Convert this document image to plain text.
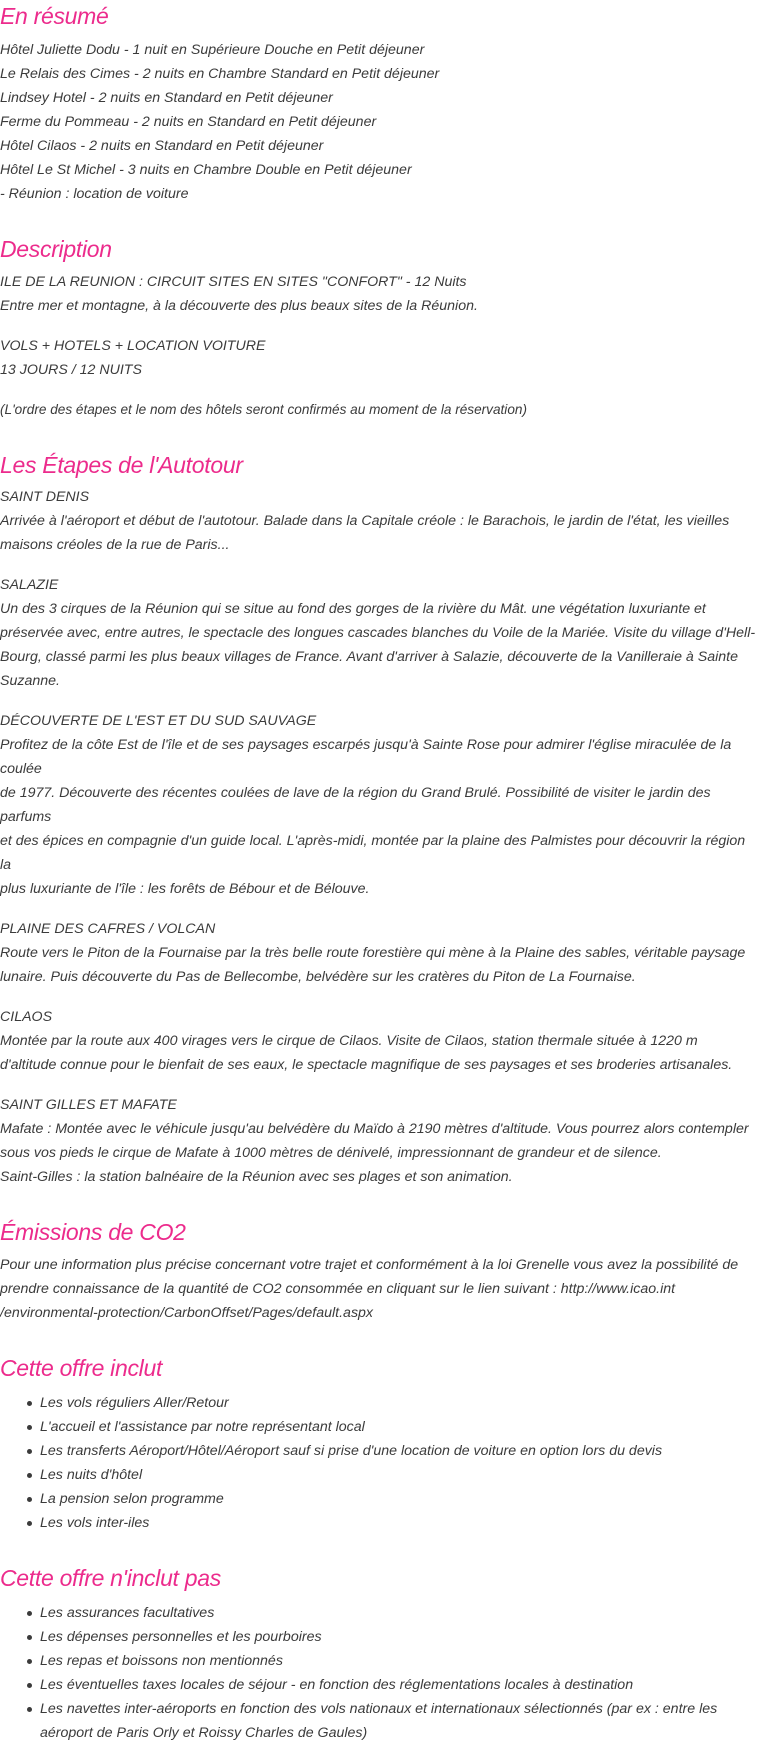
En résumé

Hôtel Juliette Dodu - 1 nuit en Supérieure Douche en Petit déjeuner

Le Relais des Cimes - 2 nuits en Chambre Standard en Petit déjeuner

Lindsey Hotel - 2 nuits en Standard en Petit déjeuner

Ferme du Pommeau - 2 nuits en Standard en Petit déjeuner

Hôtel Cilaos - 2 nuits en Standard en Petit déjeuner

Hôtel Le St Michel - 3 nuits en Chambre Double en Petit déjeuner

- Réunion : location de voiture

Description

ILE DE LA REUNION : CIRCUIT SITES EN SITES "CONFORT" - 12 Nuits

Entre mer et montagne, à la découverte des plus beaux sites de la Réunion.

VOLS + HOTELS + LOCATION VOITURE

13 JOURS / 12 NUITS

(L'ordre des étapes et le nom des hôtels seront confirmés au moment de la réservation)

Les Étapes de l'Autotour

SAINT DENIS

Arrivée à l'aéroport et début de l'autotour. Balade dans la Capitale créole : le Barachois, le jardin de l'état, les vieilles

maisons créoles de la rue de Paris...

SALAZIE

Un des 3 cirques de la Réunion qui se situe au fond des gorges de la rivière du Mât. une végétation luxuriante et

préservée avec, entre autres, le spectacle des longues cascades blanches du Voile de la Mariée. Visite du village d'Hell-

Bourg, classé parmi les plus beaux villages de France. Avant d'arriver à Salazie, découverte de la Vanilleraie à Sainte

Suzanne.

DÉCOUVERTE DE L'EST ET DU SUD SAUVAGE

Profitez de la côte Est de l'île et de ses paysages escarpés jusqu'à Sainte Rose pour admirer l'église miraculée de la coulée

de 1977. Découverte des récentes coulées de lave de la région du Grand Brulé. Possibilité de visiter le jardin des parfums

et des épices en compagnie d'un guide local. L'après-midi, montée par la plaine des Palmistes pour découvrir la région la

plus luxuriante de l'île : les forêts de Bébour et de Bélouve.

PLAINE DES CAFRES / VOLCAN

Route vers le Piton de la Fournaise par la très belle route forestière qui mène à la Plaine des sables, véritable paysage

lunaire. Puis découverte du Pas de Bellecombe, belvédère sur les cratères du Piton de La Fournaise.

CILAOS

Montée par la route aux 400 virages vers le cirque de Cilaos. Visite de Cilaos, station thermale située à 1220 m

d'altitude connue pour le bienfait de ses eaux, le spectacle magnifique de ses paysages et ses broderies artisanales.

SAINT GILLES ET MAFATE

Mafate : Montée avec le véhicule jusqu'au belvédère du Maïdo à 2190 mètres d'altitude. Vous pourrez alors contempler

sous vos pieds le cirque de Mafate à 1000 mètres de dénivelé, impressionnant de grandeur et de silence.

Saint-Gilles : la station balnéaire de la Réunion avec ses plages et son animation.

Émissions de CO2

Pour une information plus précise concernant votre trajet et conformément à la loi Grenelle vous avez la possibilité de

prendre connaissance de la quantité de CO2 consommée en cliquant sur le lien suivant : http://www.icao.int

/environmental-protection/CarbonOffset/Pages/default.aspx

Cette offre inclut
Les vols réguliers Aller/Retour
L'accueil et l'assistance par notre représentant local
Les transferts Aéroport/Hôtel/Aéroport sauf si prise d'une location de voiture en option lors du devis
Les nuits d'hôtel
La pension selon programme
Les vols inter-iles
Cette offre n'inclut pas
Les assurances facultatives
Les dépenses personnelles et les pourboires
Les repas et boissons non mentionnés
Les éventuelles taxes locales de séjour - en fonction des réglementations locales à destination
Les navettes inter-aéroports en fonction des vols nationaux et internationaux sélectionnés (par ex : entre les
aéroport de Paris Orly et Roissy Charles de Gaules)
